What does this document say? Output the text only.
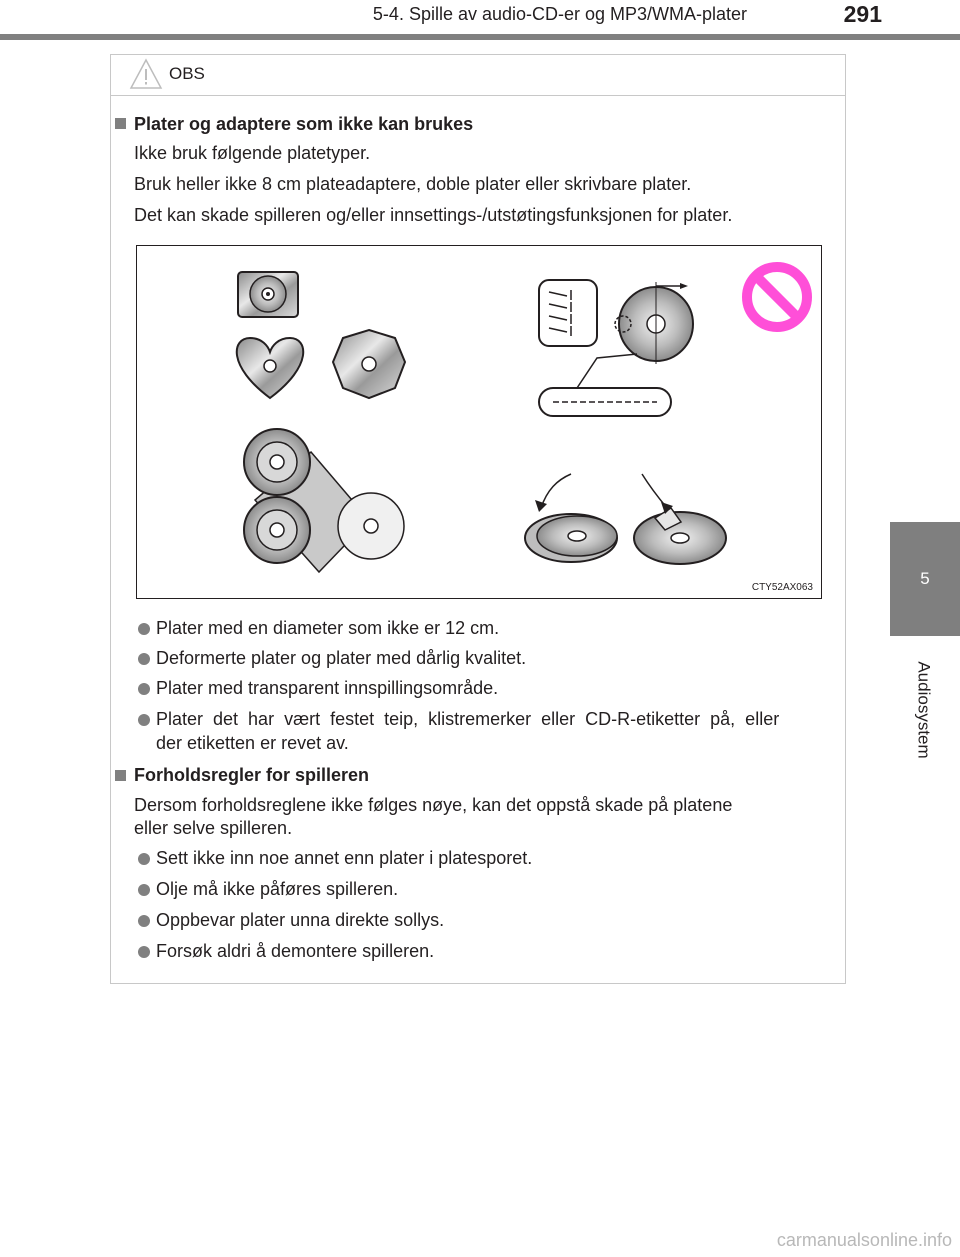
5-4. Spille av audio-CD-er og MP3/WMA-plater	291
5
Audiosystem
OBS
Plater og adaptere som ikke kan brukes
Ikke bruk følgende platetyper.
Bruk heller ikke 8 cm plateadaptere, doble plater eller skrivbare plater.
Det kan skade spilleren og/eller innsettings-/utstøtingsfunksjonen for plater.
CTY52AX063
Plater med en diameter som ikke er 12 cm.
Deformerte plater og plater med dårlig kvalitet.
Plater med transparent innspillingsområde.
Plater  det  har  vært  festet  teip,  klistremerker  eller  CD-R-etiketter  på,  eller
der etiketten er revet av.
Forholdsregler for spilleren
Dersom forholdsreglene ikke følges nøye, kan det oppstå skade på platene
eller selve spilleren.
Sett ikke inn noe annet enn plater i platesporet.
Olje må ikke påføres spilleren.
Oppbevar plater unna direkte sollys.
Forsøk aldri å demontere spilleren.
carmanualsonline.info
